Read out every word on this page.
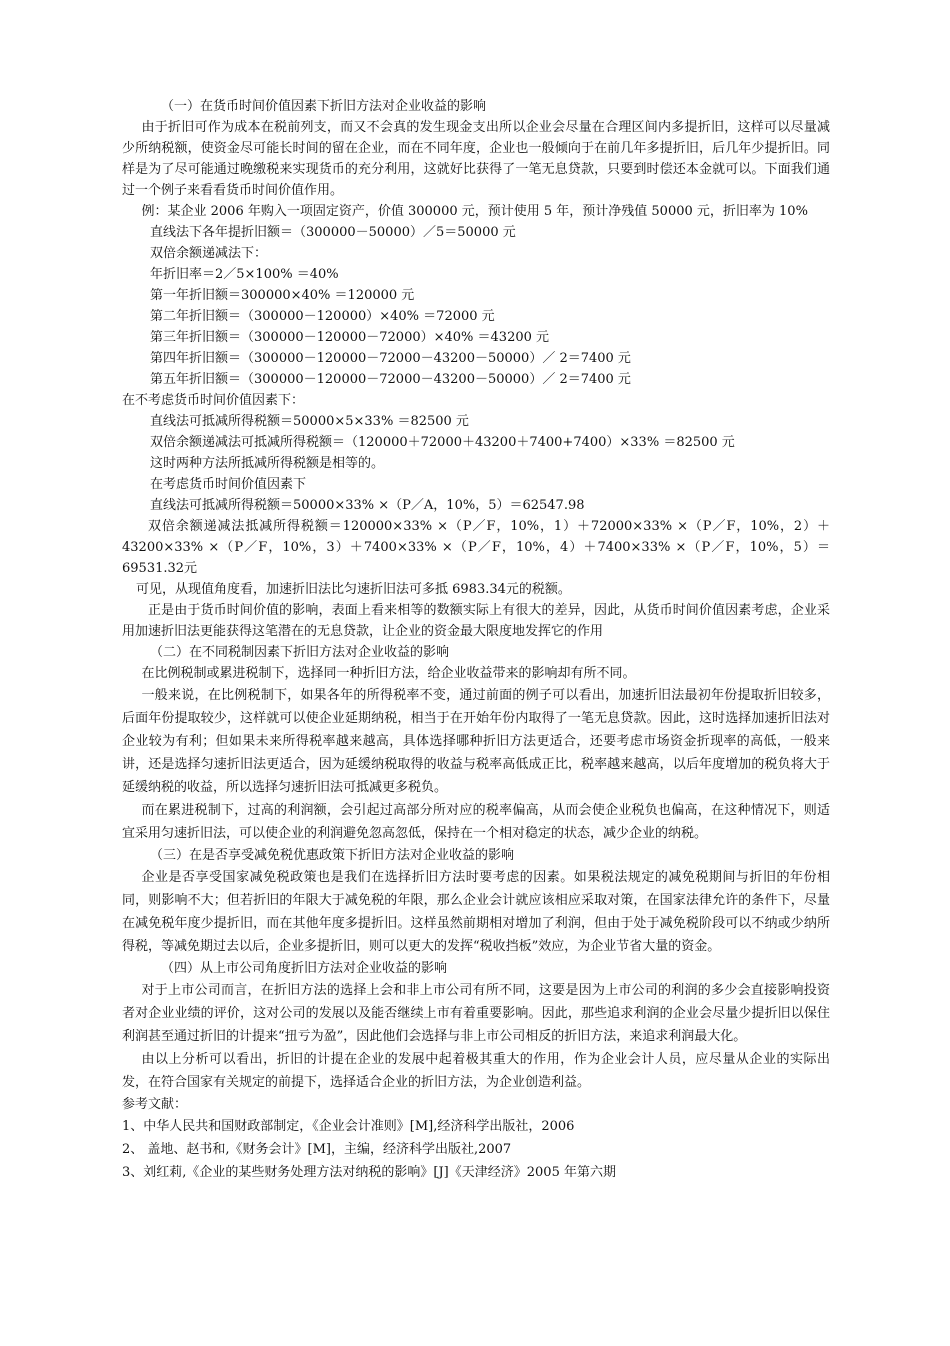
（一）在货币时间价值因素下折旧方法对企业收益的影响

由于折旧可作为成本在税前列支，而又不会真的发生现金支出所以企业会尽量在合理区间内多提折旧，这样可以尽量减少所纳税额，使资金尽可能长时间的留在企业，而在不同年度，企业也一般倾向于在前几年多提折旧，后几年少提折旧。同样是为了尽可能通过晚缴税来实现货币的充分利用，这就好比获得了一笔无息贷款，只要到时偿还本金就可以。下面我们通过一个例子来看看货币时间价值作用。

例：某企业 2006 年购入一项固定资产，价值 300000 元，预计使用 5 年，预计净残值 50000 元，折旧率为 10%

直线法下各年提折旧额＝（300000－50000）／5＝50000 元

双倍余额递减法下：

年折旧率＝2／5×100% ＝40%

第一年折旧额＝300000×40% ＝120000 元

第二年折旧额＝（300000－120000）×40% ＝72000 元

第三年折旧额＝（300000－120000－72000）×40% ＝43200 元

第四年折旧额＝（300000－120000－72000－43200－50000）／ 2＝7400 元

第五年折旧额＝（300000－120000－72000－43200－50000）／ 2＝7400 元

在不考虑货币时间价值因素下：

直线法可抵减所得税额＝50000×5×33% ＝82500 元

双倍余额递减法可抵减所得税额＝（120000＋72000＋43200＋7400+7400）×33% ＝82500 元

这时两种方法所抵减所得税额是相等的。

在考虑货币时间价值因素下

直线法可抵减所得税额＝50000×33% ×（P／A，10%，5）＝62547.98

双倍余额递减法抵减所得税额＝120000×33% ×（P／F，10%，1）＋72000×33% ×（P／F，10%，2）＋43200×33% ×（P／F，10%，3）＋7400×33% ×（P／F，10%，4）＋7400×33% ×（P／F，10%，5）＝69531.32元

可见，从现值角度看，加速折旧法比匀速折旧法可多抵 6983.34元的税额。

正是由于货币时间价值的影响，表面上看来相等的数额实际上有很大的差异，因此，从货币时间价值因素考虑，企业采用加速折旧法更能获得这笔潜在的无息贷款，让企业的资金最大限度地发挥它的作用

（二）在不同税制因素下折旧方法对企业收益的影响

在比例税制或累进税制下，选择同一种折旧方法，给企业收益带来的影响却有所不同。

一般来说，在比例税制下，如果各年的所得税率不变，通过前面的例子可以看出，加速折旧法最初年份提取折旧较多，后面年份提取较少，这样就可以使企业延期纳税，相当于在开始年份内取得了一笔无息贷款。因此，这时选择加速折旧法对企业较为有利；但如果未来所得税率越来越高，具体选择哪种折旧方法更适合，还要考虑市场资金折现率的高低，一般来讲，还是选择匀速折旧法更适合，因为延缓纳税取得的收益与税率高低成正比，税率越来越高，以后年度增加的税负将大于延缓纳税的收益，所以选择匀速折旧法可抵减更多税负。

而在累进税制下，过高的利润额，会引起过高部分所对应的税率偏高，从而会使企业税负也偏高，在这种情况下，则适宜采用匀速折旧法，可以使企业的利润避免忽高忽低，保持在一个相对稳定的状态，减少企业的纳税。

（三）在是否享受减免税优惠政策下折旧方法对企业收益的影响

企业是否享受国家减免税政策也是我们在选择折旧方法时要考虑的因素。如果税法规定的减免税期间与折旧的年份相同，则影响不大；但若折旧的年限大于减免税的年限，那么企业会计就应该相应采取对策，在国家法律允许的条件下，尽量在减免税年度少提折旧，而在其他年度多提折旧。这样虽然前期相对增加了利润，但由于处于减免税阶段可以不纳或少纳所得税，等减免期过去以后，企业多提折旧，则可以更大的发挥“税收挡板”效应，为企业节省大量的资金。

（四）从上市公司角度折旧方法对企业收益的影响

对于上市公司而言，在折旧方法的选择上会和非上市公司有所不同，这要是因为上市公司的利润的多少会直接影响投资者对企业业绩的评价，这对公司的发展以及能否继续上市有着重要影响。因此，那些追求利润的企业会尽量少提折旧以保住利润甚至通过折旧的计提来“扭亏为盈”，因此他们会选择与非上市公司相反的折旧方法，来追求利润最大化。

由以上分析可以看出，折旧的计提在企业的发展中起着极其重大的作用，作为企业会计人员，应尽量从企业的实际出发，在符合国家有关规定的前提下，选择适合企业的折旧方法，为企业创造利益。

参考文献：

1、中华人民共和国财政部制定，《企业会计准则》[M],经济科学出版社，2006

2、 盖地、赵书和,《财务会计》[M]，主编，经济科学出版社,2007

3、刘红莉,《企业的某些财务处理方法对纳税的影响》[J]《天津经济》2005 年第六期
